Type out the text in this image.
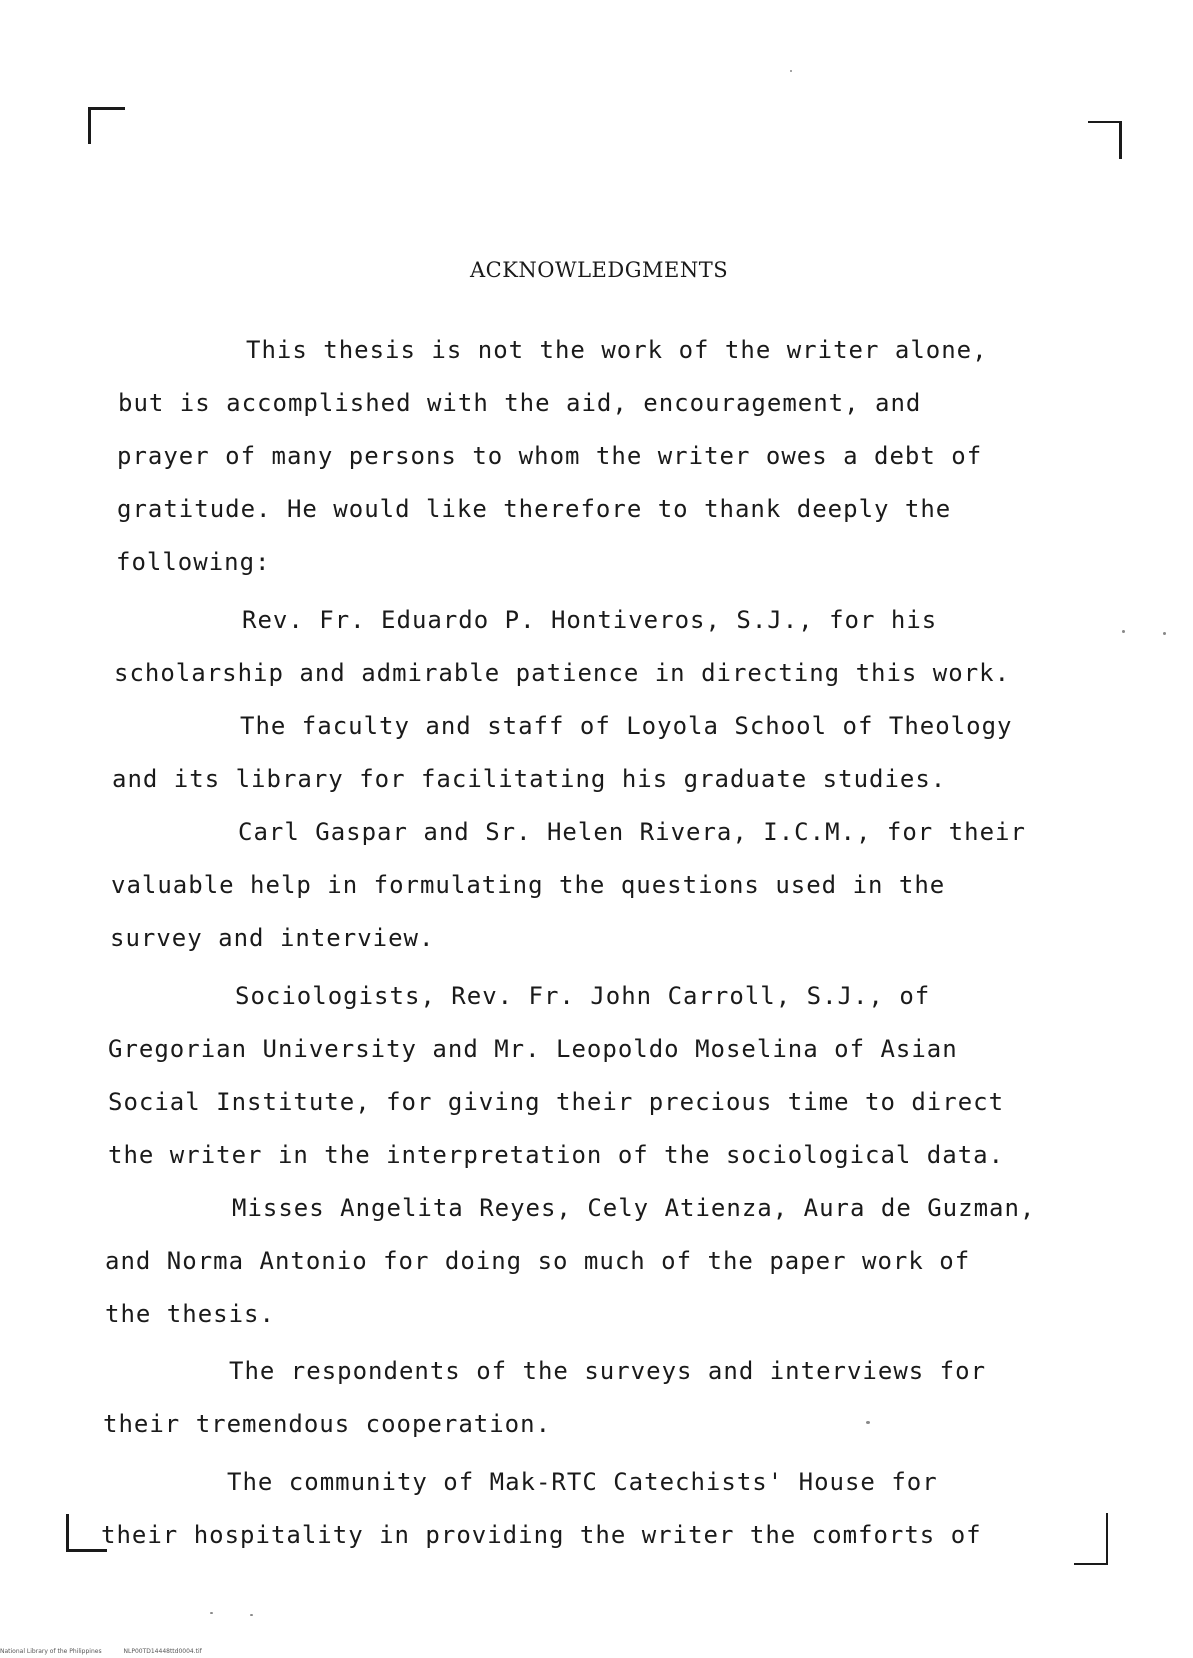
ACKNOWLEDGMENTS
This thesis is not the work of the writer alone,
but is accomplished with the aid, encouragement, and
prayer of many persons to whom the writer owes a debt of
gratitude. He would like therefore to thank deeply the
following:
Rev. Fr. Eduardo P. Hontiveros, S.J., for his
scholarship and admirable patience in directing this work.
The faculty and staff of Loyola School of Theology
and its library for facilitating his graduate studies.
Carl Gaspar and Sr. Helen Rivera, I.C.M., for their
valuable help in formulating the questions used in the
survey and interview.
Sociologists, Rev. Fr. John Carroll, S.J., of
Gregorian University and Mr. Leopoldo Moselina of Asian
Social Institute, for giving their precious time to direct
the writer in the interpretation of the sociological data.
Misses Angelita Reyes, Cely Atienza, Aura de Guzman,
and Norma Antonio for doing so much of the paper work of
the thesis.
The respondents of the surveys and interviews for
their tremendous cooperation.
The community of Mak-RTC Catechists' House for
their hospitality in providing the writer the comforts of
National Library of the Philippines	NLP00TD14448ttd0004.tif
